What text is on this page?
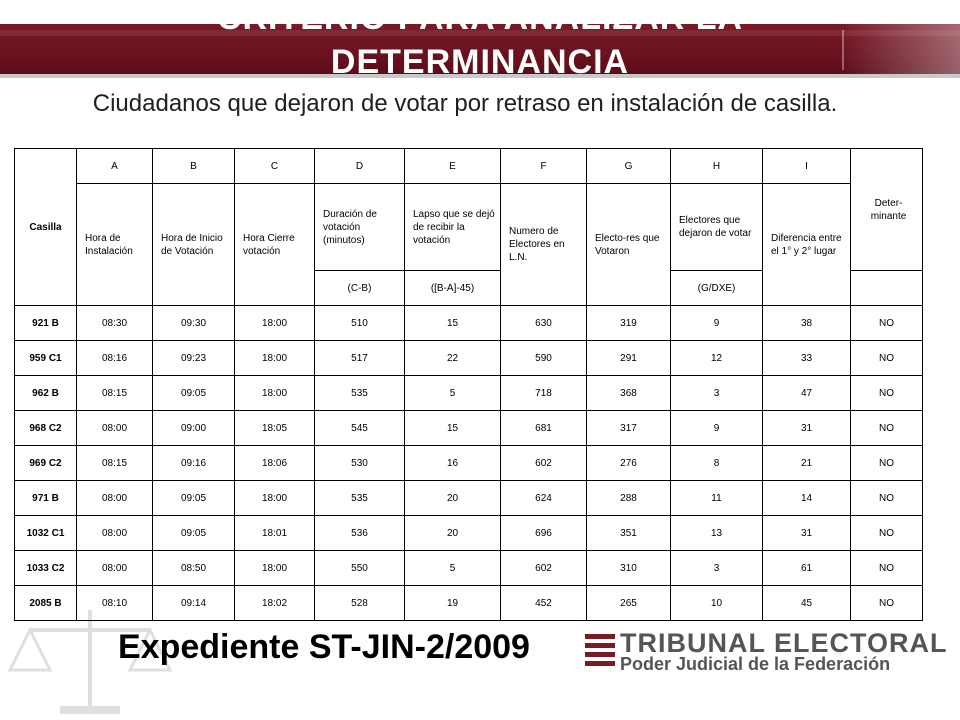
CRITERIO PARA ANALIZAR LA DETERMINANCIA
Ciudadanos que dejaron de votar por retraso en instalación de casilla.
Casilla	A	B	C	D	E	F	G	H	I	Deter-minante
	Hora de Instalación	Hora de Inicio de Votación	Hora Cierre votación	Duración de votación (minutos)	Lapso que se dejó de recibir la votación	Numero de Electores en L.N.	Electo-res que Votaron	Electores que dejaron de votar	Diferencia entre el 1° y 2° lugar	
				(C-B)	([B-A]-45)			(G/DXE)		
921 B	08:30	09:30	18:00	510	15	630	319	9	38	NO
959 C1	08:16	09:23	18:00	517	22	590	291	12	33	NO
962 B	08:15	09:05	18:00	535	5	718	368	3	47	NO
968 C2	08:00	09:00	18:05	545	15	681	317	9	31	NO
969 C2	08:15	09:16	18:06	530	16	602	276	8	21	NO
971 B	08:00	09:05	18:00	535	20	624	288	11	14	NO
1032 C1	08:00	09:05	18:01	536	20	696	351	13	31	NO
1033 C2	08:00	08:50	18:00	550	5	602	310	3	61	NO
2085 B	08:10	09:14	18:02	528	19	452	265	10	45	NO
Expediente ST-JIN-2/2009	TRIBUNAL ELECTORAL
Poder Judicial de la Federación
